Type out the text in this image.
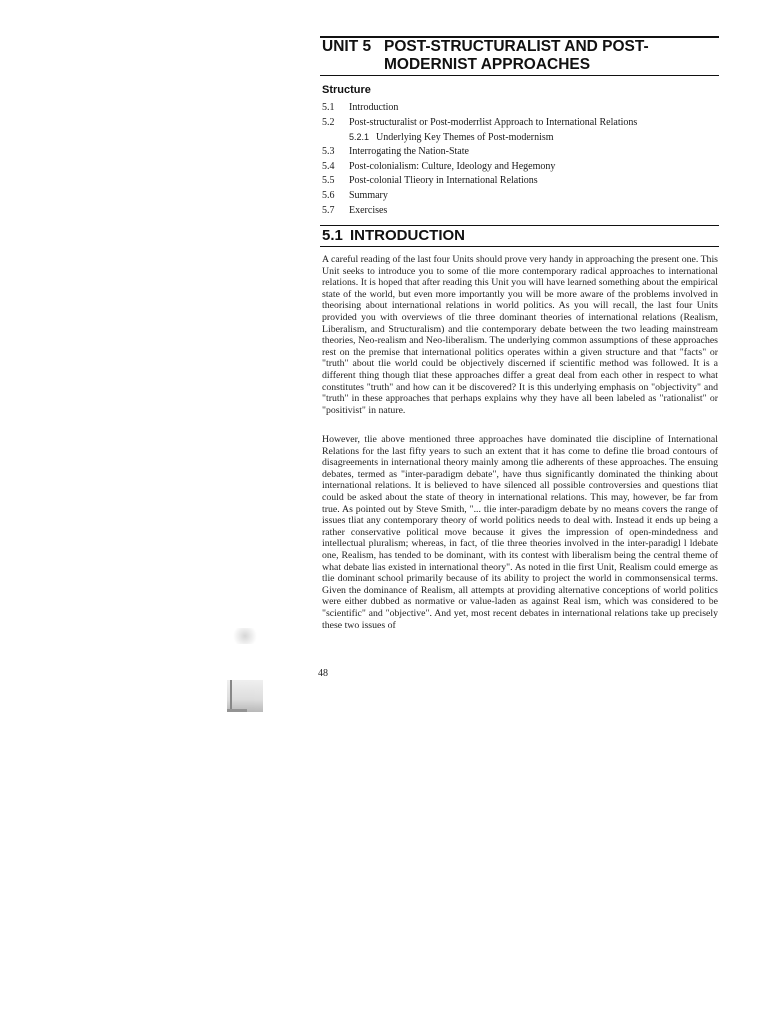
UNIT 5 POST-STRUCTURALIST AND POST-
MODERNIST APPROACHES
Structure
5.1 Introduction
5.2 Post-structuralist or Post-moderrlist Approach to International Relations
5.2.1 Underlying Key Themes of Post-modernism
5.3 Interrogating the Nation-State
5.4 Post-colonialism: Culture, Ideology and Hegemony
5.5 Post-colonial Tlieory in International Relations
5.6 Summary
5.7 Exercises
5.1 INTRODUCTION

A careful reading of the last four Units should prove very handy in approaching the present one. This Unit seeks to introduce you to some of tlie more contemporary radical approaches to international relations. It is hoped that after reading this Unit you will have learned something about the empirical state of the world, but even more importantly you will be more aware of the problems involved in theorising about international relations in world politics. As you will recall, the last four Units provided you with overviews of tlie three dominant theories of international relations (Realism, Liberalism, and Structuralism) and tlie contemporary debate between the two leading mainstream theories, Neo-realism and Neo-liberalism. The underlying common assumptions of these approaches rest on the premise that international politics operates within a given structure and that "facts" or "truth" about tlie world could be objectively discerned if scientific method was followed. It is a different thing though tliat these approaches differ a great deal from each other in respect to what constitutes "truth" and how can it be discovered? It is this underlying emphasis on "objectivity" and "truth" in these approaches that perhaps explains why they have all been labeled as "rationalist" or "positivist" in nature.

However, tlie above mentioned three approaches have dominated tlie discipline of International Relations for the last fifty years to such an extent that it has come to define tlie broad contours of disagreements in international theory mainly among tlie adherents of these approaches. The ensuing debates, termed as "inter-paradigm debate", have thus significantly dominated the thinking about international relations. It is believed to have silenced all possible controversies and questions tliat could be asked about the state of theory in international relations. This may, however, be far from true. As pointed out by Steve Smith, "... tlie inter-paradigm debate by no means covers the range of issues tliat any contemporary theory of world politics needs to deal with. Instead it ends up being a rather conservative political move because it gives the impression of open-mindedness and intellectual pluralism; whereas, in fact, of tlie three theories involved in the inter-paradigl l ldebate one, Realism, has tended to be dominant, with its contest with liberalism being the central theme of what debate lias existed in international theory". As noted in tlie first Unit, Realism could emerge as tlie dominant school primarily because of its ability to project the world in commonsensical terms. Given the dominance of Realism, all attempts at providing alternative conceptions of world politics were either dubbed as normative or value-laden as against Real ism, which was considered to be "scientific" and "objective". And yet, most recent debates in international relations take up precisely these two issues of

48
